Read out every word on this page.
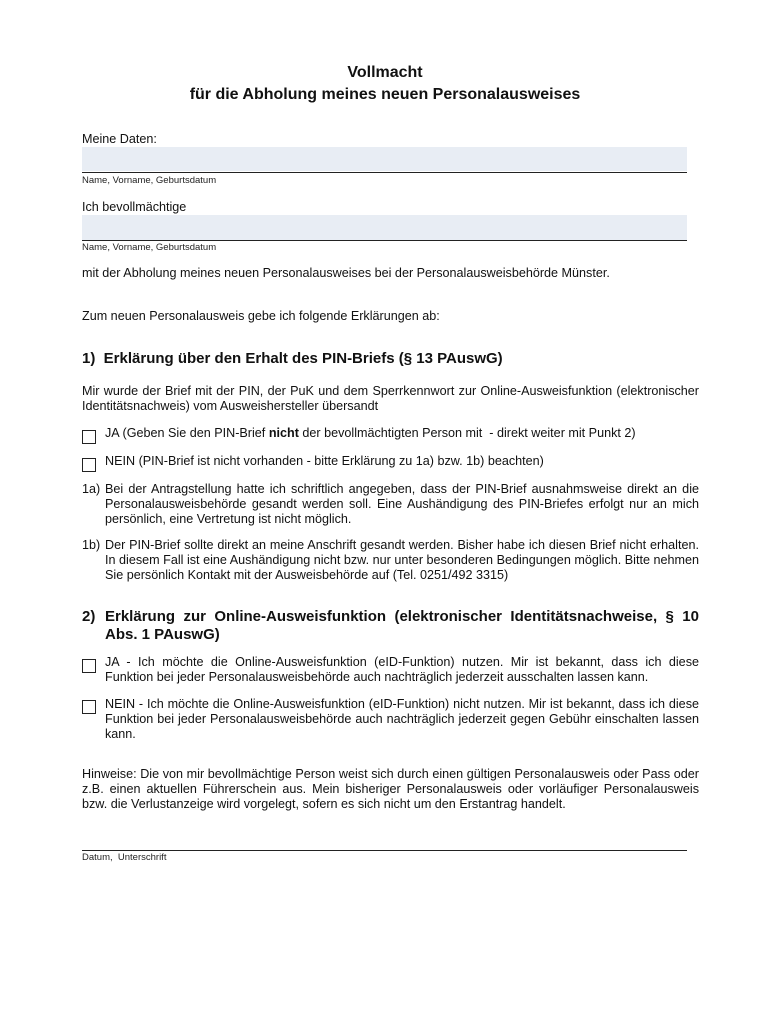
Vollmacht
für die Abholung meines neuen Personalausweises
Meine Daten:
Name, Vorname, Geburtsdatum
Ich bevollmächtige
Name, Vorname, Geburtsdatum
mit der Abholung meines neuen Personalausweises bei der Personalausweisbehörde Münster.
Zum neuen Personalausweis gebe ich folgende Erklärungen ab:
1)  Erklärung über den Erhalt des PIN-Briefs (§ 13 PAuswG)
Mir wurde der Brief mit der PIN, der PuK und dem Sperrkennwort zur Online-Ausweisfunktion (elektronischer Identitätsnachweis) vom Ausweishersteller übersandt
JA (Geben Sie den PIN-Brief nicht der bevollmächtigten Person mit  - direkt weiter mit Punkt 2)
NEIN (PIN-Brief ist nicht vorhanden - bitte Erklärung zu 1a) bzw. 1b) beachten)
1a) Bei der Antragstellung hatte ich schriftlich angegeben, dass der PIN-Brief ausnahmsweise direkt an die Personalausweisbehörde gesandt werden soll. Eine Aushändigung des PIN-Briefes erfolgt nur an mich persönlich, eine Vertretung ist nicht möglich.
1b) Der PIN-Brief sollte direkt an meine Anschrift gesandt werden. Bisher habe ich diesen Brief nicht erhalten. In diesem Fall ist eine Aushändigung nicht bzw. nur unter besonderen Bedingungen möglich. Bitte nehmen Sie persönlich Kontakt mit der Ausweisbehörde auf (Tel. 0251/492 3315)
2) Erklärung zur Online-Ausweisfunktion (elektronischer Identitätsnachweise, § 10 Abs. 1 PAuswG)
JA - Ich möchte die Online-Ausweisfunktion (eID-Funktion) nutzen. Mir ist bekannt, dass ich diese Funktion bei jeder Personalausweisbehörde auch nachträglich jederzeit ausschalten lassen kann.
NEIN - Ich möchte die Online-Ausweisfunktion (eID-Funktion) nicht nutzen. Mir ist bekannt, dass ich diese Funktion bei jeder Personalausweisbehörde auch nachträglich jederzeit gegen Gebühr einschalten lassen kann.
Hinweise: Die von mir bevollmächtige Person weist sich durch einen gültigen Personalausweis oder Pass oder z.B. einen aktuellen Führerschein aus. Mein bisheriger Personalausweis oder vorläufiger Personalausweis bzw. die Verlustanzeige wird vorgelegt, sofern es sich nicht um den Erstantrag handelt.
Datum,  Unterschrift
